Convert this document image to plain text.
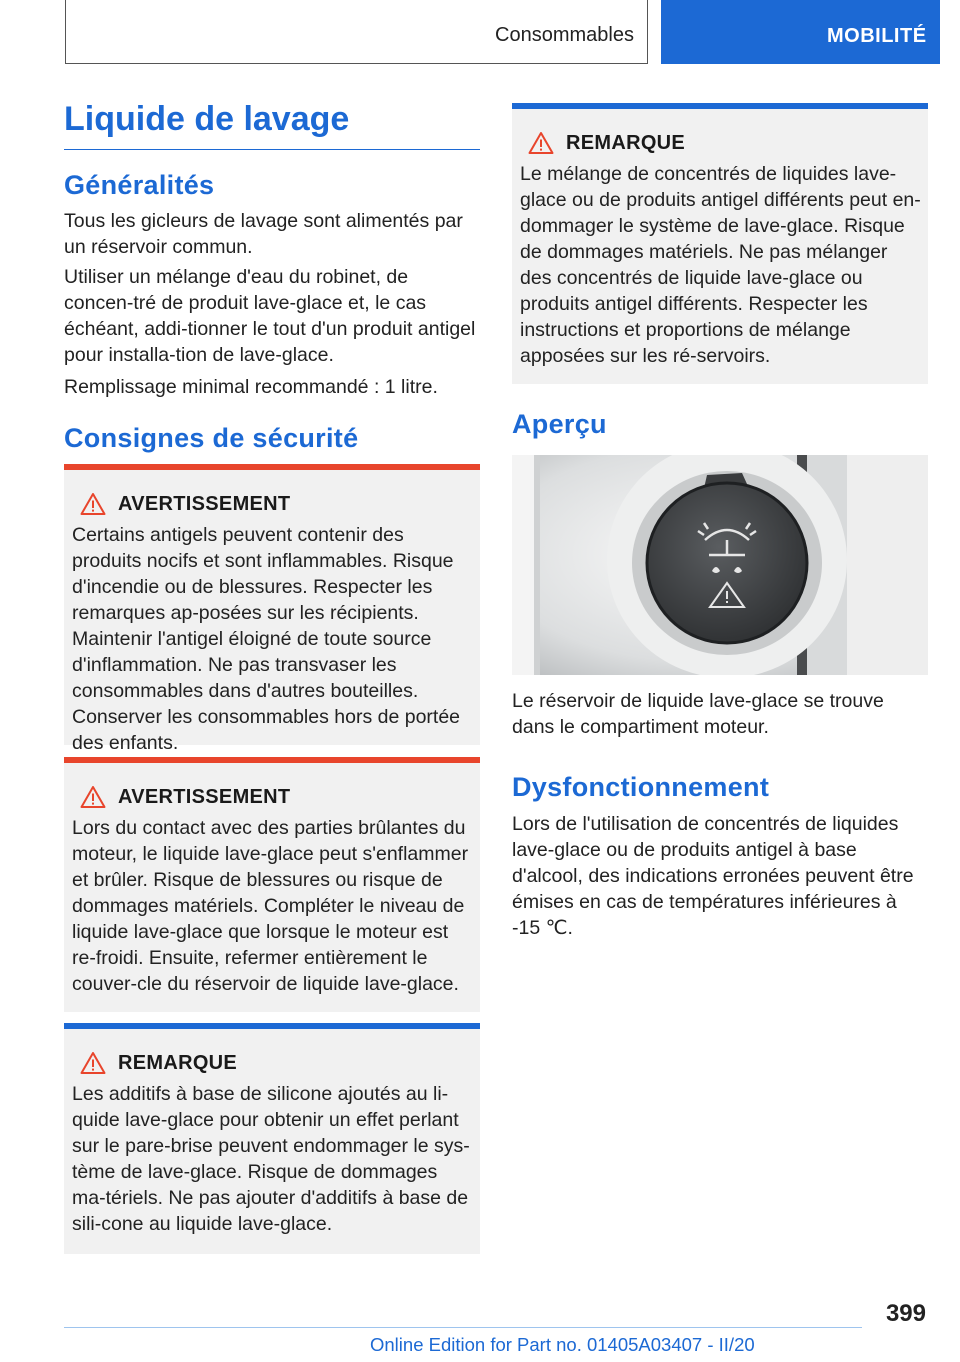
Consommables	MOBILITÉ
Liquide de lavage
Généralités

Tous les gicleurs de lavage sont alimentés par un réservoir commun.

Utiliser un mélange d'eau du robinet, de concen-tré de produit lave-glace et, le cas échéant, addi-tionner le tout d'un produit antigel pour installa-tion de lave-glace.

Remplissage minimal recommandé : 1 litre.

Consignes de sécurité
AVERTISSEMENT
Certains antigels peuvent contenir des produits nocifs et sont inflammables. Risque d'incendie ou de blessures. Respecter les remarques ap-posées sur les récipients. Maintenir l'antigel éloigné de toute source d'inflammation. Ne pas transvaser les consommables dans d'autres bouteilles. Conserver les consommables hors de portée des enfants.
AVERTISSEMENT
Lors du contact avec des parties brûlantes du moteur, le liquide lave-glace peut s'enflammer et brûler. Risque de blessures ou risque de dommages matériels. Compléter le niveau de liquide lave-glace que lorsque le moteur est re-froidi. Ensuite, refermer entièrement le couver-cle du réservoir de liquide lave-glace.
REMARQUE
Les additifs à base de silicone ajoutés au li-quide lave-glace pour obtenir un effet perlant sur le pare-brise peuvent endommager le sys-tème de lave-glace. Risque de dommages ma-tériels. Ne pas ajouter d'additifs à base de sili-cone au liquide lave-glace.
REMARQUE
Le mélange de concentrés de liquides lave-glace ou de produits antigel différents peut en-dommager le système de lave-glace. Risque de dommages matériels. Ne pas mélanger des concentrés de liquide lave-glace ou produits antigel différents. Respecter les instructions et proportions de mélange apposées sur les ré-servoirs.
Aperçu

Le réservoir de liquide lave-glace se trouve dans le compartiment moteur.

Dysfonctionnement

Lors de l'utilisation de concentrés de liquides lave-glace ou de produits antigel à base d'alcool, des indications erronées peuvent être émises en cas de températures inférieures à -15 ℃.

399
Online Edition for Part no. 01405A03407 - II/20
